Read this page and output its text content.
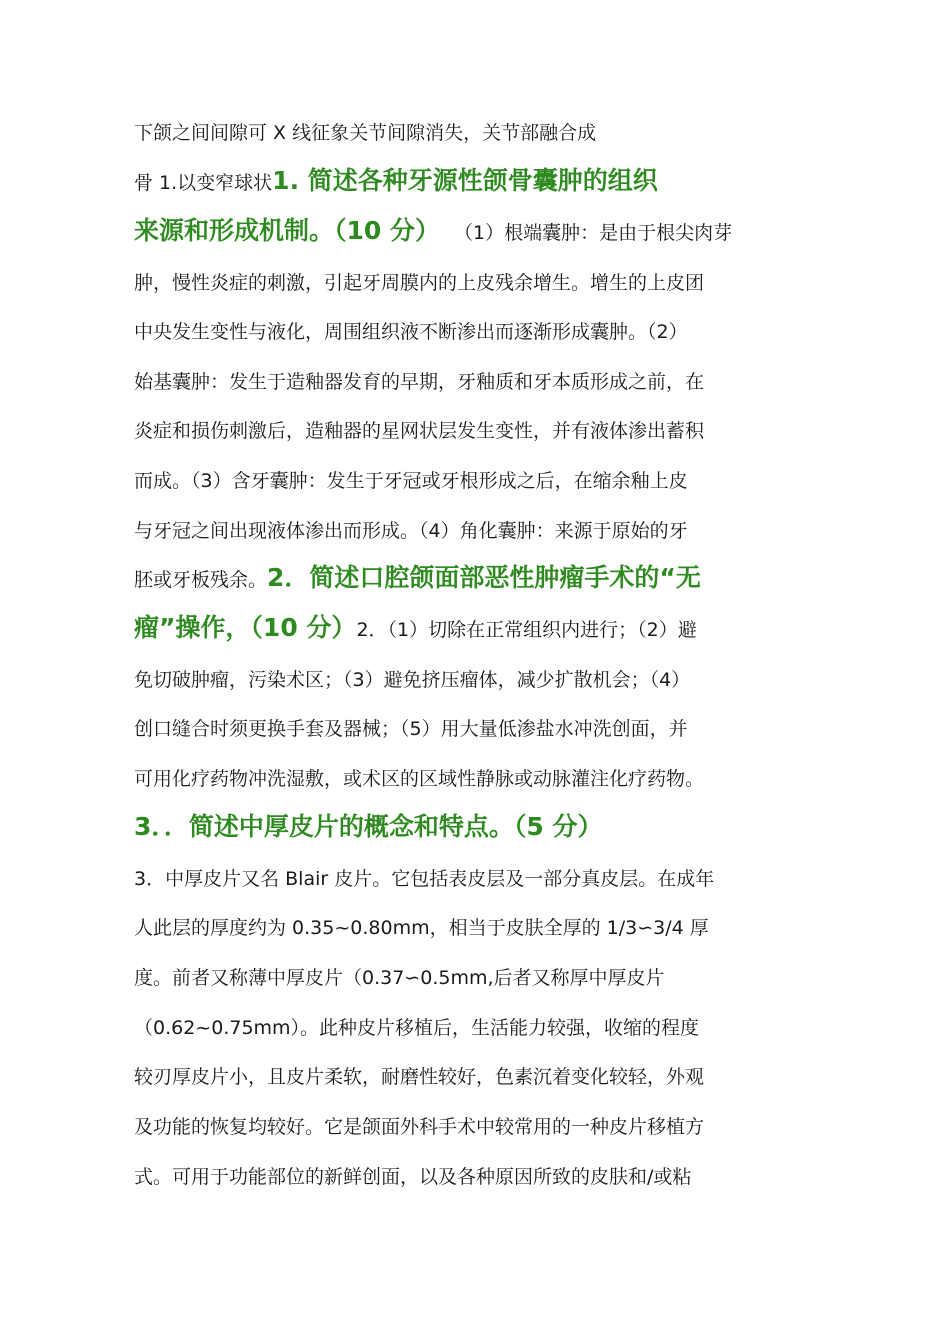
下颌之间间隙可 X 线征象关节间隙消失，关节部融合成
骨 1.以变窄球状 1. 简述各种牙源性颌骨囊肿的组织
来源和形成机制。（10 分） （1）根端囊肿：是由于根尖肉芽
肿，慢性炎症的刺激，引起牙周膜内的上皮残余增生。增生的上皮团
中央发生变性与液化，周围组织液不断渗出而逐渐形成囊肿。（2）
始基囊肿：发生于造釉器发育的早期，牙釉质和牙本质形成之前，在
炎症和损伤刺激后，造釉器的星网状层发生变性，并有液体渗出蓄积
而成。（3）含牙囊肿：发生于牙冠或牙根形成之后，在缩余釉上皮
与牙冠之间出现液体渗出而形成。（4）角化囊肿：来源于原始的牙
胚或牙板残余。 2．简述口腔颌面部恶性肿瘤手术的“无
瘤”操作，（10 分） 2．（1）切除在正常组织内进行；（2）避
免切破肿瘤，污染术区；（3）避免挤压瘤体，减少扩散机会；（4）
创口缝合时须更换手套及器械；（5）用大量低渗盐水冲洗创面，并
可用化疗药物冲洗湿敷，或术区的区域性静脉或动脉灌注化疗药物。
3．．简述中厚皮片的概念和特点。（5 分）
3．中厚皮片又名 Blair 皮片。它包括表皮层及一部分真皮层。在成年
人此层的厚度约为 0.35~0.80mm，相当于皮肤全厚的 1/3∽3/4 厚
度。前者又称薄中厚皮片（0.37∽0.5mm,后者又称厚中厚皮片
（0.62~0.75mm）。此种皮片移植后，生活能力较强，收缩的程度
较刃厚皮片小，且皮片柔软，耐磨性较好，色素沉着变化较轻，外观
及功能的恢复均较好。它是颌面外科手术中较常用的一种皮片移植方
式。可用于功能部位的新鲜创面，以及各种原因所致的皮肤和/或粘
